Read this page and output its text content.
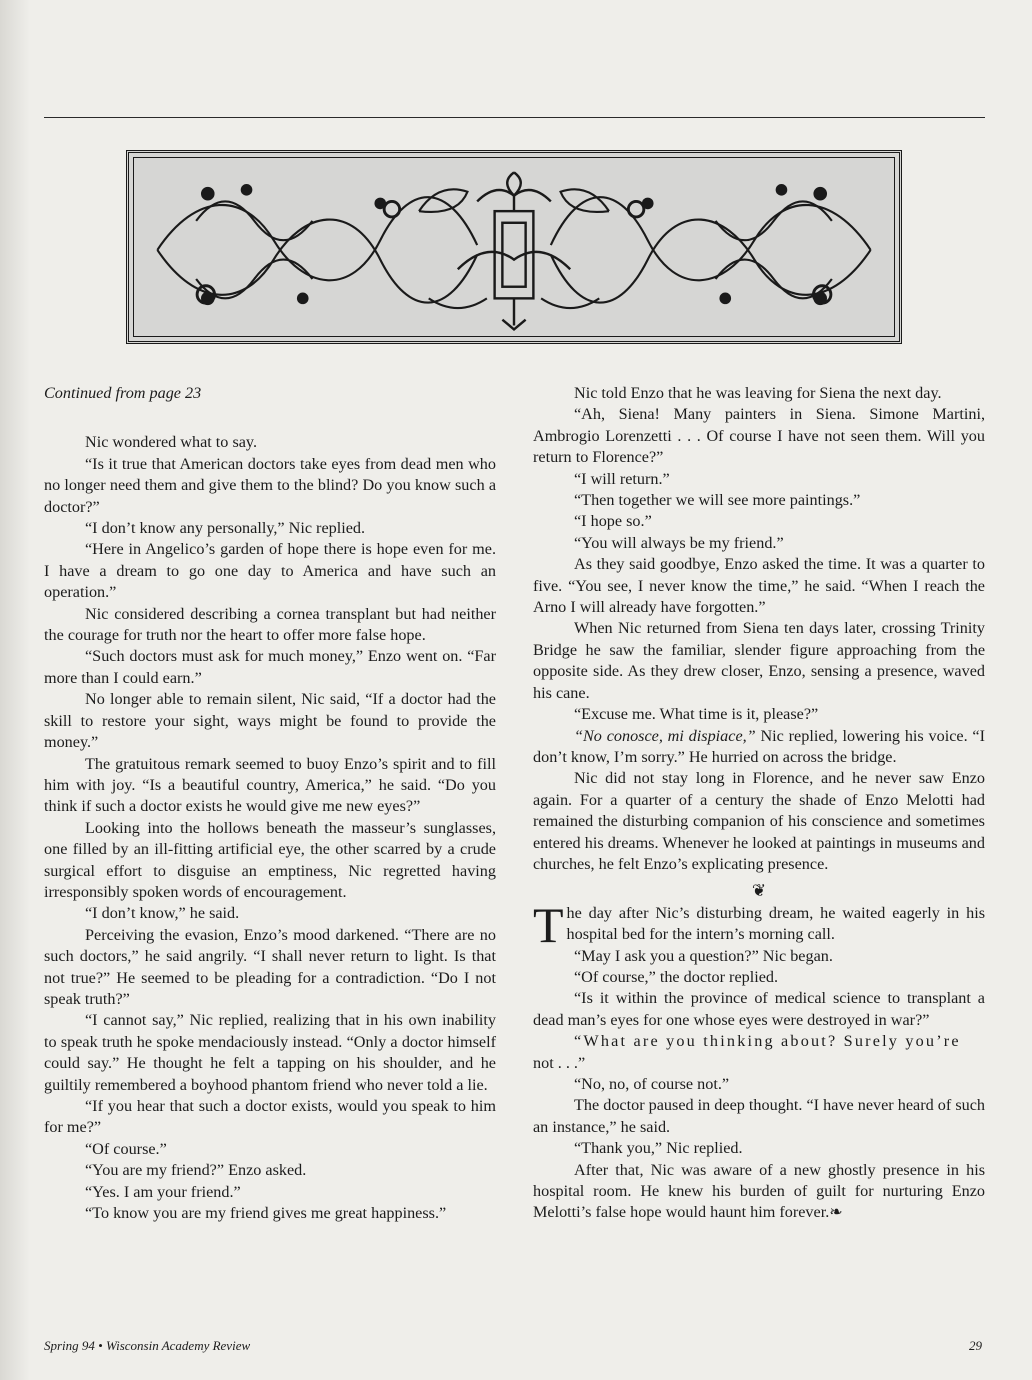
Continued from page 23

Nic wondered what to say.

“Is it true that American doctors take eyes from dead men who no longer need them and give them to the blind? Do you know such a doctor?”

“I don’t know any personally,” Nic replied.

“Here in Angelico’s garden of hope there is hope even for me. I have a dream to go one day to America and have such an operation.”

Nic considered describing a cornea transplant but had neither the courage for truth nor the heart to offer more false hope.

“Such doctors must ask for much money,” Enzo went on. “Far more than I could earn.”

No longer able to remain silent, Nic said, “If a doctor had the skill to restore your sight, ways might be found to provide the money.”

The gratuitous remark seemed to buoy Enzo’s spirit and to fill him with joy. “Is a beautiful country, America,” he said. “Do you think if such a doctor exists he would give me new eyes?”

Looking into the hollows beneath the masseur’s sunglasses, one filled by an ill-fitting artificial eye, the other scarred by a crude surgical effort to disguise an emptiness, Nic regretted having irresponsibly spoken words of encouragement.

“I don’t know,” he said.

Perceiving the evasion, Enzo’s mood darkened. “There are no such doctors,” he said angrily. “I shall never return to light. Is that not true?” He seemed to be pleading for a contradiction. “Do I not speak truth?”

“I cannot say,” Nic replied, realizing that in his own inability to speak truth he spoke mendaciously instead. “Only a doctor himself could say.” He thought he felt a tapping on his shoulder, and he guiltily remembered a boyhood phantom friend who never told a lie.

“If you hear that such a doctor exists, would you speak to him for me?”

“Of course.”

“You are my friend?” Enzo asked.

“Yes. I am your friend.”

“To know you are my friend gives me great happiness.”

Nic told Enzo that he was leaving for Siena the next day.

“Ah, Siena! Many painters in Siena. Simone Martini, Ambrogio Lorenzetti . . . Of course I have not seen them. Will you return to Florence?”

“I will return.”

“Then together we will see more paintings.”

“I hope so.”

“You will always be my friend.”

As they said goodbye, Enzo asked the time. It was a quarter to five. “You see, I never know the time,” he said. “When I reach the Arno I will already have forgotten.”

When Nic returned from Siena ten days later, crossing Trinity Bridge he saw the familiar, slender figure approaching from the opposite side. As they drew closer, Enzo, sensing a presence, waved his cane.

“Excuse me. What time is it, please?”

“No conosce, mi dispiace,” Nic replied, lowering his voice. “I don’t know, I’m sorry.” He hurried on across the bridge.

Nic did not stay long in Florence, and he never saw Enzo again. For a quarter of a century the shade of Enzo Melotti had remained the disturbing companion of his conscience and sometimes entered his dreams. Whenever he looked at paintings in museums and churches, he felt Enzo’s explicating presence.

❦

The day after Nic’s disturbing dream, he waited eagerly in his hospital bed for the intern’s morning call.

“May I ask you a question?” Nic began.

“Of course,” the doctor replied.

“Is it within the province of medical science to transplant a dead man’s eyes for one whose eyes were destroyed in war?”

“What are you thinking about? Surely you’re

not . . .”

“No, no, of course not.”

The doctor paused in deep thought. “I have never heard of such an instance,” he said.

“Thank you,” Nic replied.

After that, Nic was aware of a new ghostly presence in his hospital room. He knew his burden of guilt for nurturing Enzo Melotti’s false hope would haunt him forever.❧

Spring 94 • Wisconsin Academy Review	29
